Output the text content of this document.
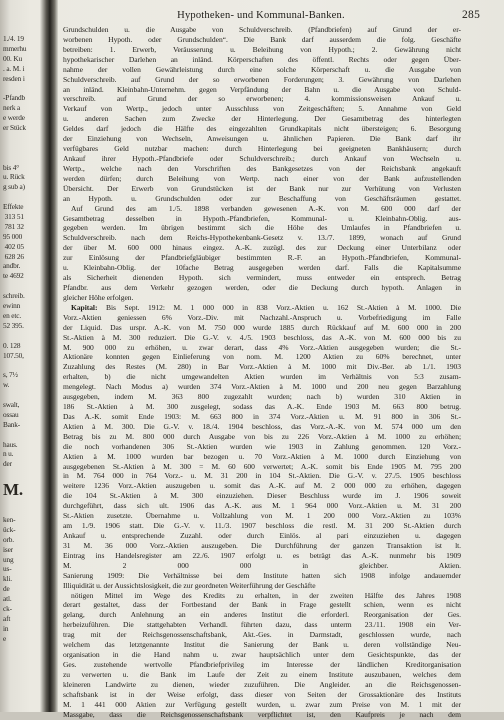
1./4. 19
mmerhu
00. Ku
. a. M. i
resden i
-Pfandb
nerk a
e werde
er Stück
bis 4°
u. Rück
g sub a)
Effekte
313 51
781 32
95 000
402 05
628 26
andbr.
te 4692
schreib.
ewinn
en etc.
52 395.
0. 128
107.50,
s, 7½
w.
swalt,
ossau
Bank-
haus.
n u.
der
M.
ken-
ück-
orb.
iser
ung
us-
kli.
de
atl.
ck-
aft
in
e
Hypotheken- und Kommunal-Banken.	285

Grundschulden u. die Ausgabe von Schuldverschreib. (Pfandbriefen) auf Grund der er-

worbenen Hypoth. oder Grundschulden“. Die Bank darf ausserdem die folg. Geschäfte

betreiben: 1. Erwerb, Veräusserung u. Beleihung von Hypoth.; 2. Gewährung nicht

hypothekarischer Darlehen an inländ. Körperschaften des öffentl. Rechts oder gegen Über-

nahme der vollen Gewährleistung durch eine solche Körperschaft u. die Ausgabe von

Schuldverschreib. auf Grund der so erworbenen Forderungen; 3. Gewährung von Darlehen

an inländ. Kleinbahn-Unternehm. gegen Verpfändung der Bahn u. die Ausgabe von Schuld-

verschreib. auf Grund der so erworbenen; 4. kommissionsweisen Ankauf u.

Verkauf von Wertp., jedoch unter Ausschluss von Zeitgeschäften; 5. Annahme von Geld

u. anderen Sachen zum Zwecke der Hinterlegung. Der Gesamtbetrag des hinterlegten

Geldes darf jedoch die Hälfte des eingezahlten Grundkapitals nicht übersteigen; 6. Besorgung

der Einziehung von Wechseln, Anweisungen u. ähnlichen Papieren. Die Bank darf ihr

verfügbares Geld nutzbar machen: durch Hinterlegung bei geeigneten Bankhäusern; durch

Ankauf ihrer Hypoth.-Pfandbriefe oder Schuldverschreib.; durch Ankauf von Wechseln u.

Wertp., welche nach den Vorschriften des Bankgesetzes von der Reichsbank angekauft

werden dürfen; durch Beleihung von Wertp. nach einer von der Bank aufzustellenden

Übersicht. Der Erwerb von Grundstücken ist der Bank nur zur Verhütung von Verlusten

an Hypoth. u. Grundschulden oder zur Beschaffung von Geschäftsräumen gestattet.

Auf Grund des am 1./5. 1898 verbanden gewesenen A.-K. von M. 600 000 darf der

Gesamtbetrag desselben in Hypoth.-Pfandbriefen, Kommunal- u. Kleinbahn-Oblig. aus-

gegeben werden. Im übrigen bestimmt sich die Höhe des Umlaufes in Pfandbriefen u.

Schuldverschreib. nach dem Reichs-Hypothekenbank-Gesetz v. 13./7. 1899, wonach auf Grund

der über M. 600 000 hinaus eingez. A.-K. zuzügl. des zur Deckung einer Unterbilanz oder

zur Einlösung der Pfandbriefgläubiger bestimmten R.-F. an Hypoth.-Pfandbriefen, Kommunal-

u. Kleinbahn-Oblig. der 10fache Betrag ausgegeben werden darf. Falls die Kapitalsumme

als Sicherheit dienenden Hypoth. sich vermindert, muss entweder ein entsprech. Betrag

Pfandbr. aus dem Verkehr gezogen werden, oder die Deckung durch hypoth. Anlagen in

gleicher Höhe erfolgen.

Kapital: Bis Sept. 1912: M. 1 000 000 in 838 Vorz.-Aktien u. 162 St.-Aktien à M. 1000. Die

Vorz.-Aktien geniessen 6% Vorz.-Div. mit Nachzahl.-Anspruch u. Vorbefriedigung im Falle

der Liquid. Das urspr. A.-K. von M. 750 000 wurde 1885 durch Rückkauf auf M. 600 000 in 200

St.-Aktien à M. 300 reduziert. Die G.-V. v. 4./5. 1903 beschloss, das A.-K. von M. 600 000 bis zu

M. 900 000 zu erhöhen, u. zwar derart, dass 4% Vorz.-Aktien ausgegeben wurden; die St.-

Aktionäre konnten gegen Einlieferung von nom. M. 1200 Aktien zu 60% berechnet, unter

Zuzahlung des Restes (M. 280) in Bar Vorz.-Aktien à M. 1000 mit Div.-Ber. ab 1./1. 1903

erhalten, b) die nicht umgewandelten Aktien wurden im Verhältnis von 5:3 zusam-

mengelegt. Nach Modus a) wurden 374 Vorz.-Aktien à M. 1000 und 200 neu gegen Barzahlung

ausgegeben, indem M. 363 800 zugezahlt wurden; nach b) wurden 310 Aktien in

186 St.-Aktien à M. 300 zusgelegt, sodass das A.-K. Ende 1903 M. 663 800 betrug.

Das A.-K. somit Ende 1903: M. 663 800 in 374 Vorz.-Aktien u. M. 91 800 in 306 St.-

Aktien à M. 300. Die G.-V. v. 18./4. 1904 beschloss, das Vorz.-A.-K. von M. 574 000 um den

Betrag bis zu M. 800 000 durch Ausgabe von bis zu 226 Vorz.-Aktien à M. 1000 zu erhöhen;

die noch vorhandenen 306 St.-Aktien wurden wie 1903 in Zahlung genommen. 120 Vorz.-

Aktien à M. 1000 wurden bar bezogen u. 70 Vorz.-Aktien à M. 1000 durch Einziehung von

ausgegebenen St.-Aktien à M. 300 = M. 60 600 verwertet; A.-K. somit bis Ende 1905 M. 795 200

in M. 764 000 in 764 Vorz.- u. M. 31 200 in 104 St.-Aktien. Die G.-V. v. 27./5. 1905 beschloss

weitere 1236 Vorz.-Aktien auszugeben u. somit das A.-K. auf M. 2 000 000 zu erhöhen, dagegen

die 104 St.-Aktien à M. 300 einzuziehen. Dieser Beschluss wurde im J. 1906 soweit

durchgeführt, dass sich ult. 1906 das A.-K. aus M. 1 964 000 Vorz.-Aktien u. M. 31 200

St.-Aktien zusetzte. Übernahme u. Vollzahlung von M. 1 200 000 Vorz.-Aktien zu 103%

am 1./9. 1906 statt. Die G.-V. v. 11./3. 1907 beschloss die restl. M. 31 200 St.-Aktien durch

Ankauf u. entsprechende Zuzahl. oder durch Einlös. al pari einzuziehen u. dagegen

31 M. 36 000 Vorz.-Aktien auszugeben. Die Durchführung der ganzen Transaktion ist lt.

Eintrag ins Handelsregister am 22./6. 1907 erfolgt u. es beträgt das A.-K. nunmehr bis 1909

M. 2 000 000 in gleichber. Aktien.

Sanierung 1909: Die Verhältnisse bei dem Institute hatten sich 1908 infolge andauernder

Illiquidität u. der Aussichtslosigkeit, die zur geordneten Weiterführung der Geschäfte

nötigen Mittel im Wege des Kredits zu erhalten, in der zweiten Hälfte des Jahres 1908

derart gestaltet, dass der Fortbestand der Bank in Frage gestellt schien, wenn es nicht

gelang, durch Anlehnung an ein anderes Institut die erforderl. Reorganisation der Ges.

herbeizuführen. Die stattgehabten Verhandl. führten dazu, dass unterm 23./11. 1908 ein Ver-

trag mit der Reichsgenossenschaftsbank, Akt.-Ges. in Darmstadt, geschlossen wurde, nach

welchem das letztgenannte Institut die Sanierung der Bank u. deren vollständige Neu-

organisation in die Hand nahm u. zwar hauptsächlich unter dem Gesichtspunkte, das der

Ges. zustehende wertvolle Pfandbriefprivileg im Interesse der ländlichen Kreditorganisation

zu verwerten u. die Bank im Laufe der Zeit zu einem Institute auszubauen, welches dem

kleineren Landwirte zu dienen, wieder zuzuführen. Die Angleider. an die Reichsgenossen-

schaftsbank ist in der Weise erfolgt, dass dieser von Seiten der Grossaktionäre des Instituts

M. 1 441 000 Aktien zur Verfügung gestellt wurden, u. zwar zum Preise von M. 1 mit der

Massgabe, dass die Reichsgenossenschaftsbank verpflichtet ist, den Kaufpreis je nach dem
